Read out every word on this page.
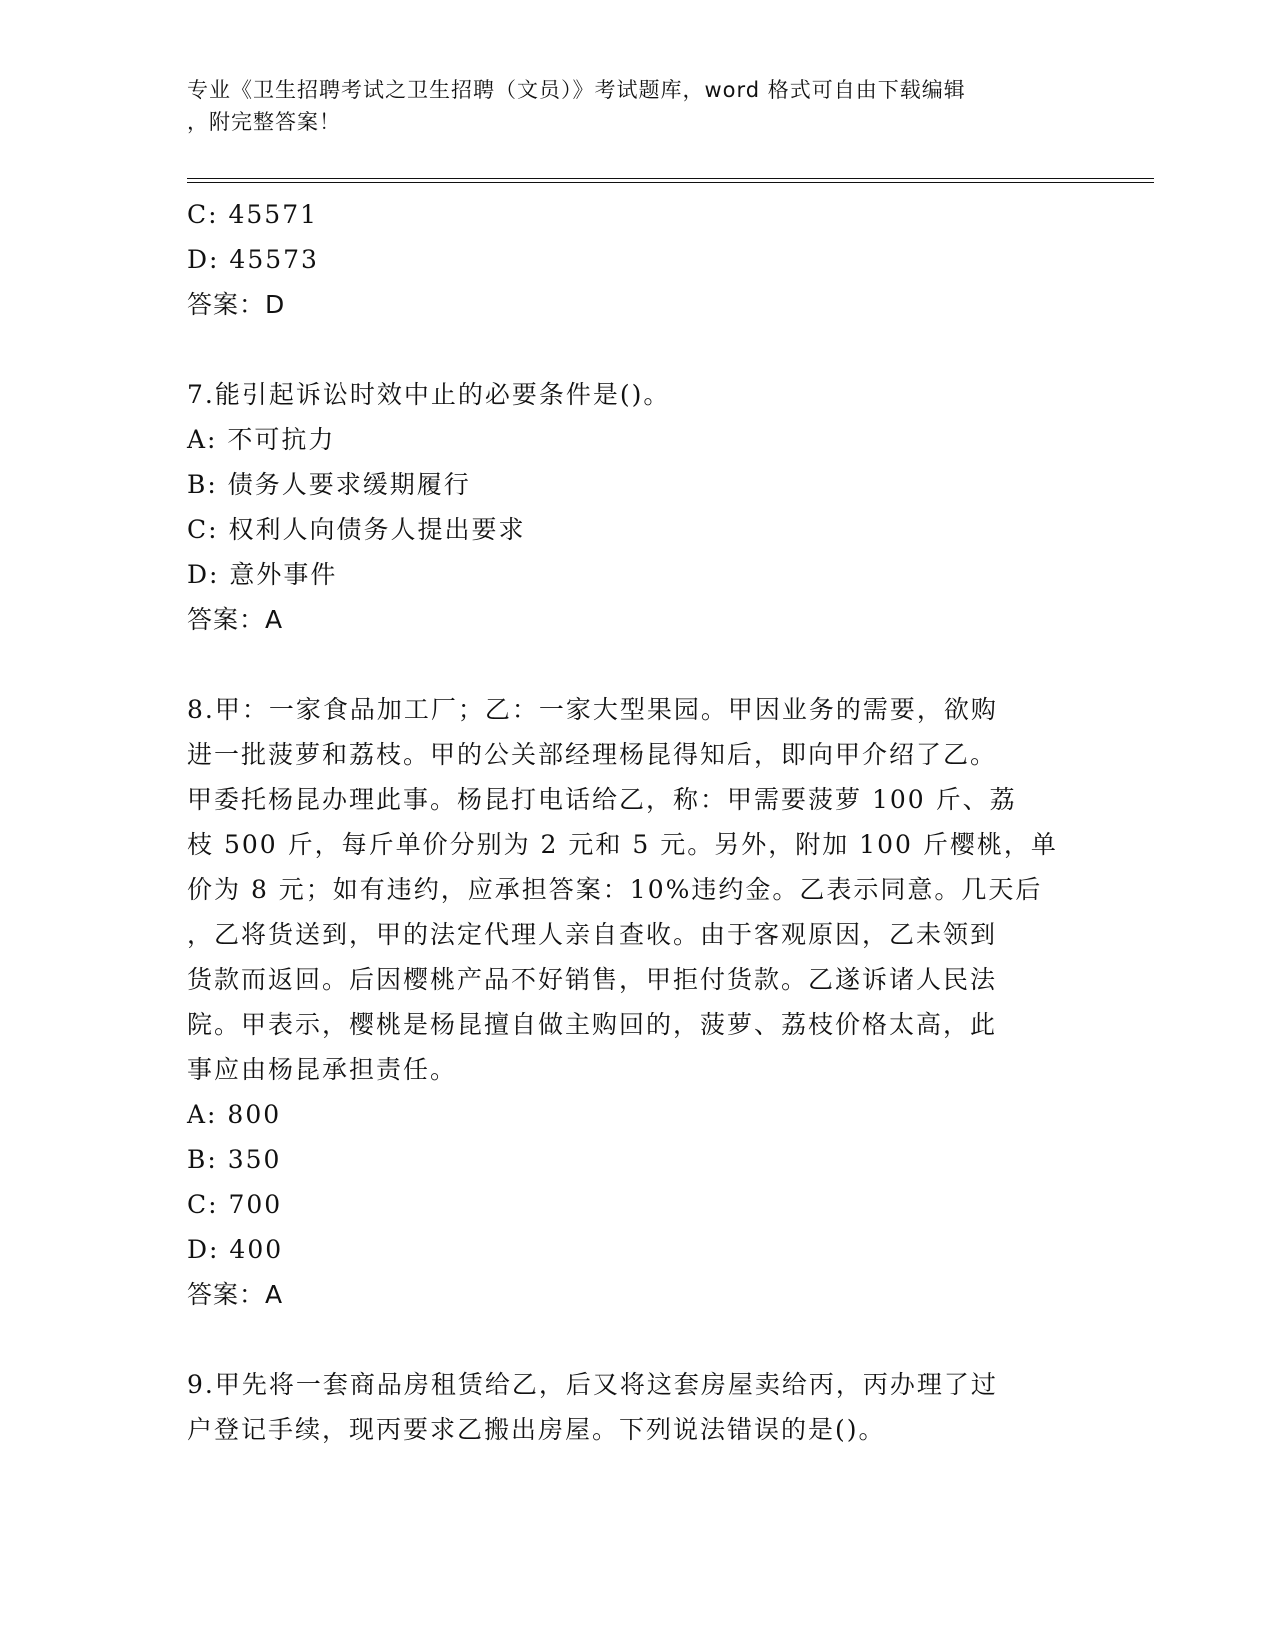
专业《卫生招聘考试之卫生招聘（文员）》考试题库，word 格式可自由下载编辑
，附完整答案！
C: 45571
D: 45573
答案：D
7.能引起诉讼时效中止的必要条件是()。
A: 不可抗力
B: 债务人要求缓期履行
C: 权利人向债务人提出要求
D: 意外事件
答案：A
8.甲：一家食品加工厂；乙：一家大型果园。甲因业务的需要，欲购
进一批菠萝和荔枝。甲的公关部经理杨昆得知后，即向甲介绍了乙。
甲委托杨昆办理此事。杨昆打电话给乙，称：甲需要菠萝 100 斤、荔
枝 500 斤，每斤单价分别为 2 元和 5 元。另外，附加 100 斤樱桃，单
价为 8 元；如有违约，应承担答案：10%违约金。乙表示同意。几天后
，乙将货送到，甲的法定代理人亲自查收。由于客观原因，乙未领到
货款而返回。后因樱桃产品不好销售，甲拒付货款。乙遂诉诸人民法
院。甲表示，樱桃是杨昆擅自做主购回的，菠萝、荔枝价格太高，此
事应由杨昆承担责任。
A: 800
B: 350
C: 700
D: 400
答案：A
9.甲先将一套商品房租赁给乙，后又将这套房屋卖给丙，丙办理了过
户登记手续，现丙要求乙搬出房屋。下列说法错误的是()。
